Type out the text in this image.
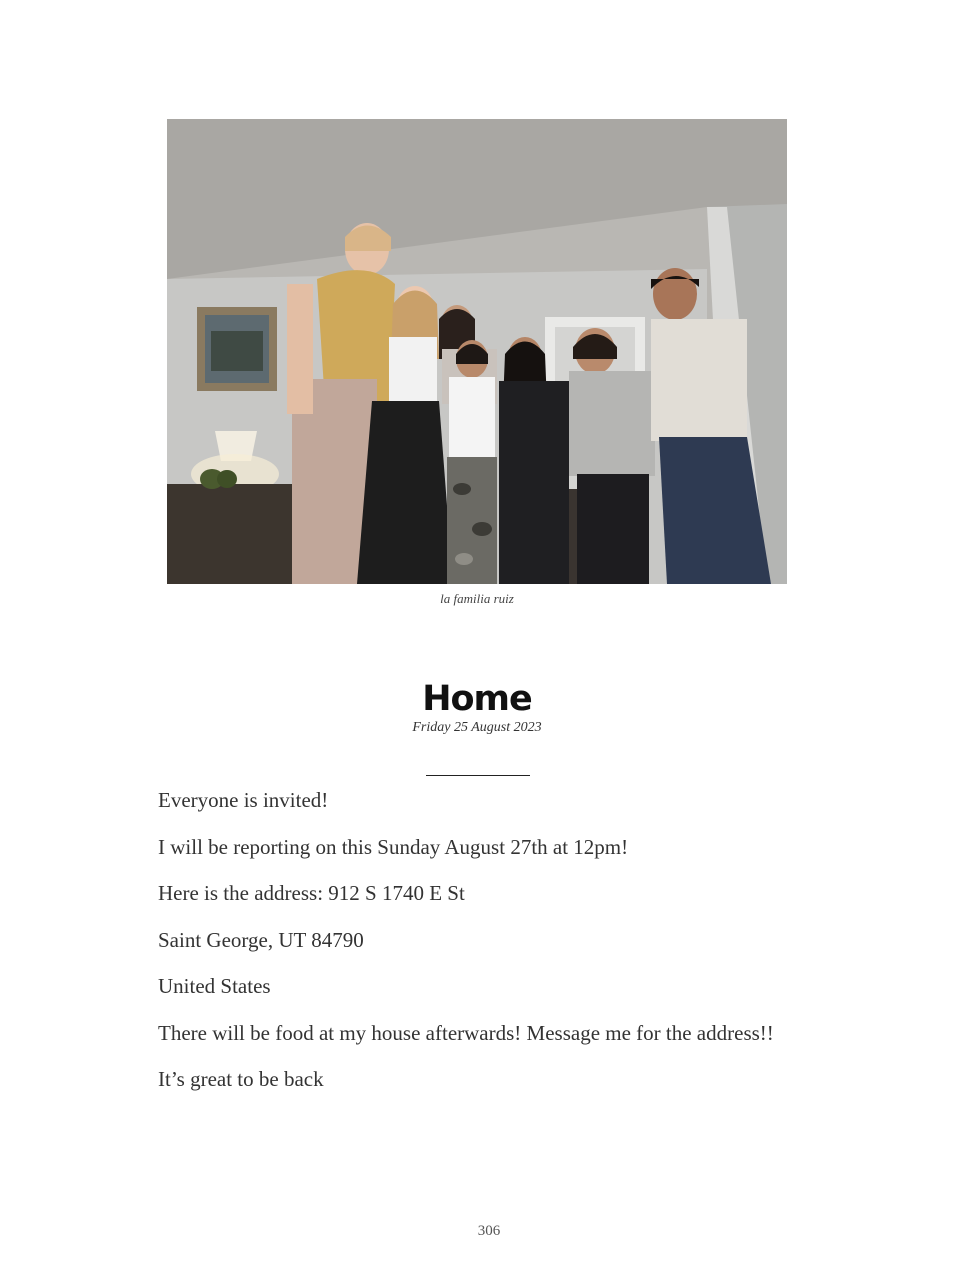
la familia ruiz
Home
Friday 25 August 2023

Everyone is invited!

I will be reporting on this Sunday August 27th at 12pm!

Here is the address: 912 S 1740 E St

Saint George, UT 84790

United States

There will be food at my house afterwards! Message me for the address!!

It’s great to be back

306
